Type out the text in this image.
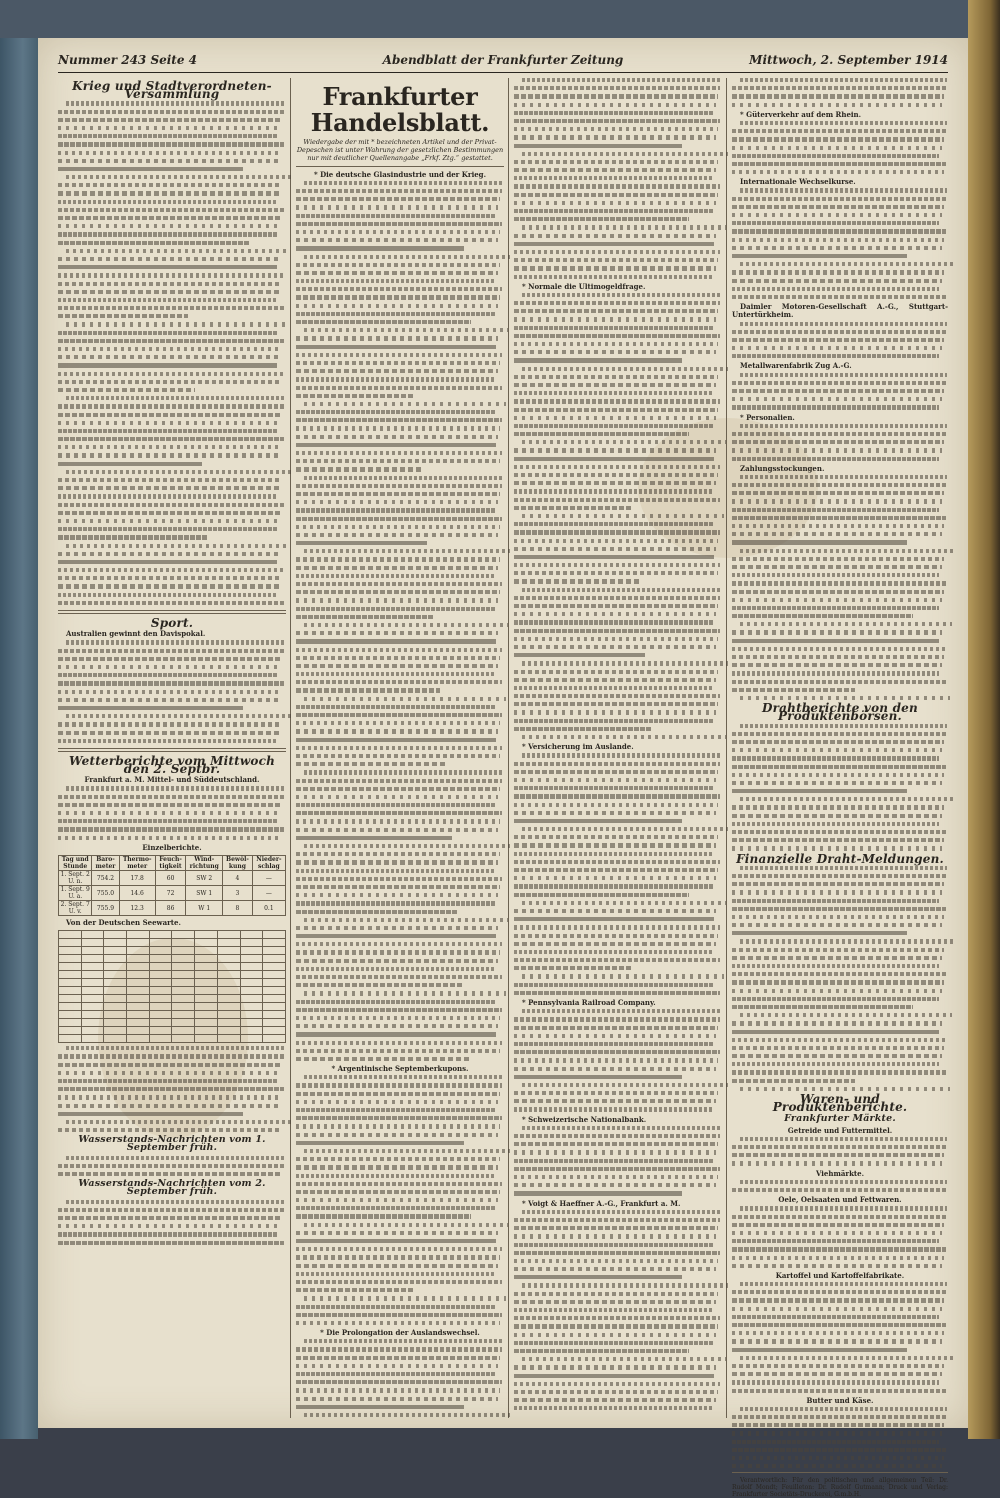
Nummer 243 Seite 4	Abendblatt der Frankfurter Zeitung	Mittwoch, 2. September 1914
Krieg und Stadtverordneten-Versammlung
Sport.

Australien gewinnt den Davispokal.

Wetterberichte vom Mittwoch den 2. Septbr.

Frankfurt a. M. Mittel- und Süddeutschland.

Einzelberichte.

Tag und Stunde	Baro-meter	Thermo-meter	Feuch-tigkeit	Wind-richtung	Bewöl-kung	Nieder-schlag
1. Sept. 2 U. n.	754.2	17.8	60	SW 2	4	—
1. Sept. 9 U. a.	755.0	14.6	72	SW 1	3	—
2. Sept. 7 U. v.	755.9	12.3	86	W 1	8	0.1

Von der Deutschen Seewarte.

Wasserstands-Nachrichten vom 1. September früh.
Wasserstands-Nachrichten vom 2. September früh.
Frankfurter Handelsblatt.
Wiedergabe der mit * bezeichneten Artikel und der Privat-Depeschen ist unter Wahrung der gesetzlichen Bestimmungen nur mit deutlicher Quellenangabe „Frkf. Ztg.“ gestattet.

* Die deutsche Glasindustrie und der Krieg.

* Argentinische Septemberkupons.

* Die Prolongation der Auslandswechsel.

* Normale die Ultimogeldfrage.

* Versicherung im Auslande.

* Pennsylvania Railroad Company.

* Schweizerische Nationalbank.

* Voigt & Haeffner A.-G., Frankfurt a. M.

* Güterverkehr auf dem Rhein.

Internationale Wechselkurse.

Daimler Motoren-Gesellschaft A.-G., Stuttgart-Untertürkheim.

Metallwarenfabrik Zug A.-G.

* Personalien.

Zahlungsstockungen.

Drahtberichte von den Produktenbörsen.
Finanzielle Draht-Meldungen.
Waren- und Produktenberichte.
Frankfurter Märkte.

Getreide und Futtermittel.

Viehmärkte.

Oele, Oelsaaten und Fettwaren.

Kartoffel und Kartoffelfabrikate.

Butter und Käse.

Verantwortlich: Für den politischen und allgemeinen Teil: Dr. Rudolf Mondt; Feuilleton: Dr. Rudolf Gutmann; Druck und Verlag: Frankfurter Societäts-Druckerei, G.m.b.H.
